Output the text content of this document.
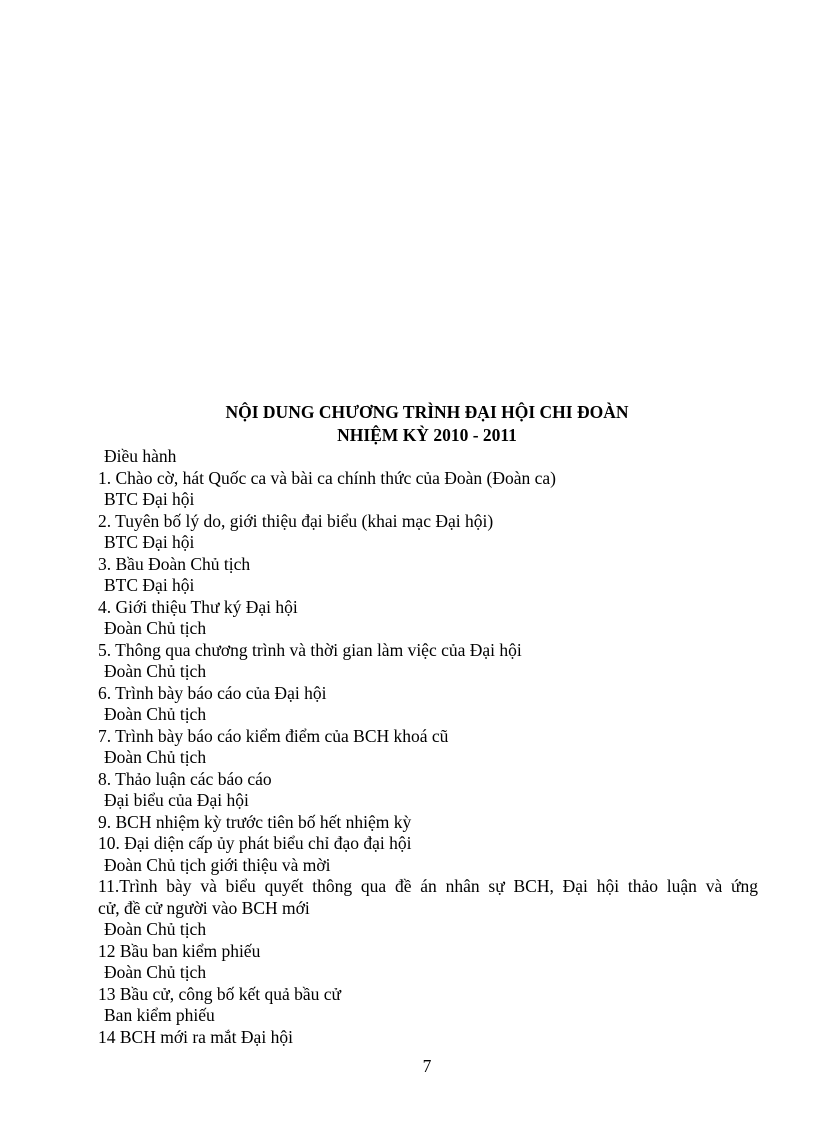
NỘI DUNG CHƯƠNG TRÌNH ĐẠI HỘI CHI ĐOÀN
NHIỆM KỲ 2010 - 2011
Điều hành
1. Chào cờ, hát Quốc ca và bài ca chính thức của Đoàn (Đoàn ca)
BTC Đại hội
2. Tuyên bố lý do, giới thiệu đại biểu (khai mạc Đại hội)
BTC Đại hội
3. Bầu Đoàn Chủ tịch
BTC Đại hội
4. Giới thiệu Thư ký Đại hội
Đoàn Chủ tịch
5. Thông qua chương trình và thời gian làm việc của Đại hội
Đoàn Chủ tịch
6. Trình bày báo cáo của Đại hội
Đoàn Chủ tịch
7. Trình bày báo cáo kiểm điểm của BCH khoá cũ
Đoàn Chủ tịch
8. Thảo luận các báo cáo
Đại biểu của Đại hội
9. BCH nhiệm kỳ trước tiên bố hết nhiệm kỳ
10. Đại diện cấp ủy phát biểu chỉ đạo đại hội
Đoàn Chủ tịch giới thiệu và mời
11.Trình bày và biểu quyết thông qua đề án nhân sự BCH, Đại hội thảo luận và ứng
cử, đề cử người vào BCH mới
Đoàn Chủ tịch
12 Bầu ban kiểm phiếu
Đoàn Chủ tịch
13 Bầu cử, công bố kết quả bầu cử
Ban kiểm phiếu
14 BCH mới ra mắt Đại hội
7
